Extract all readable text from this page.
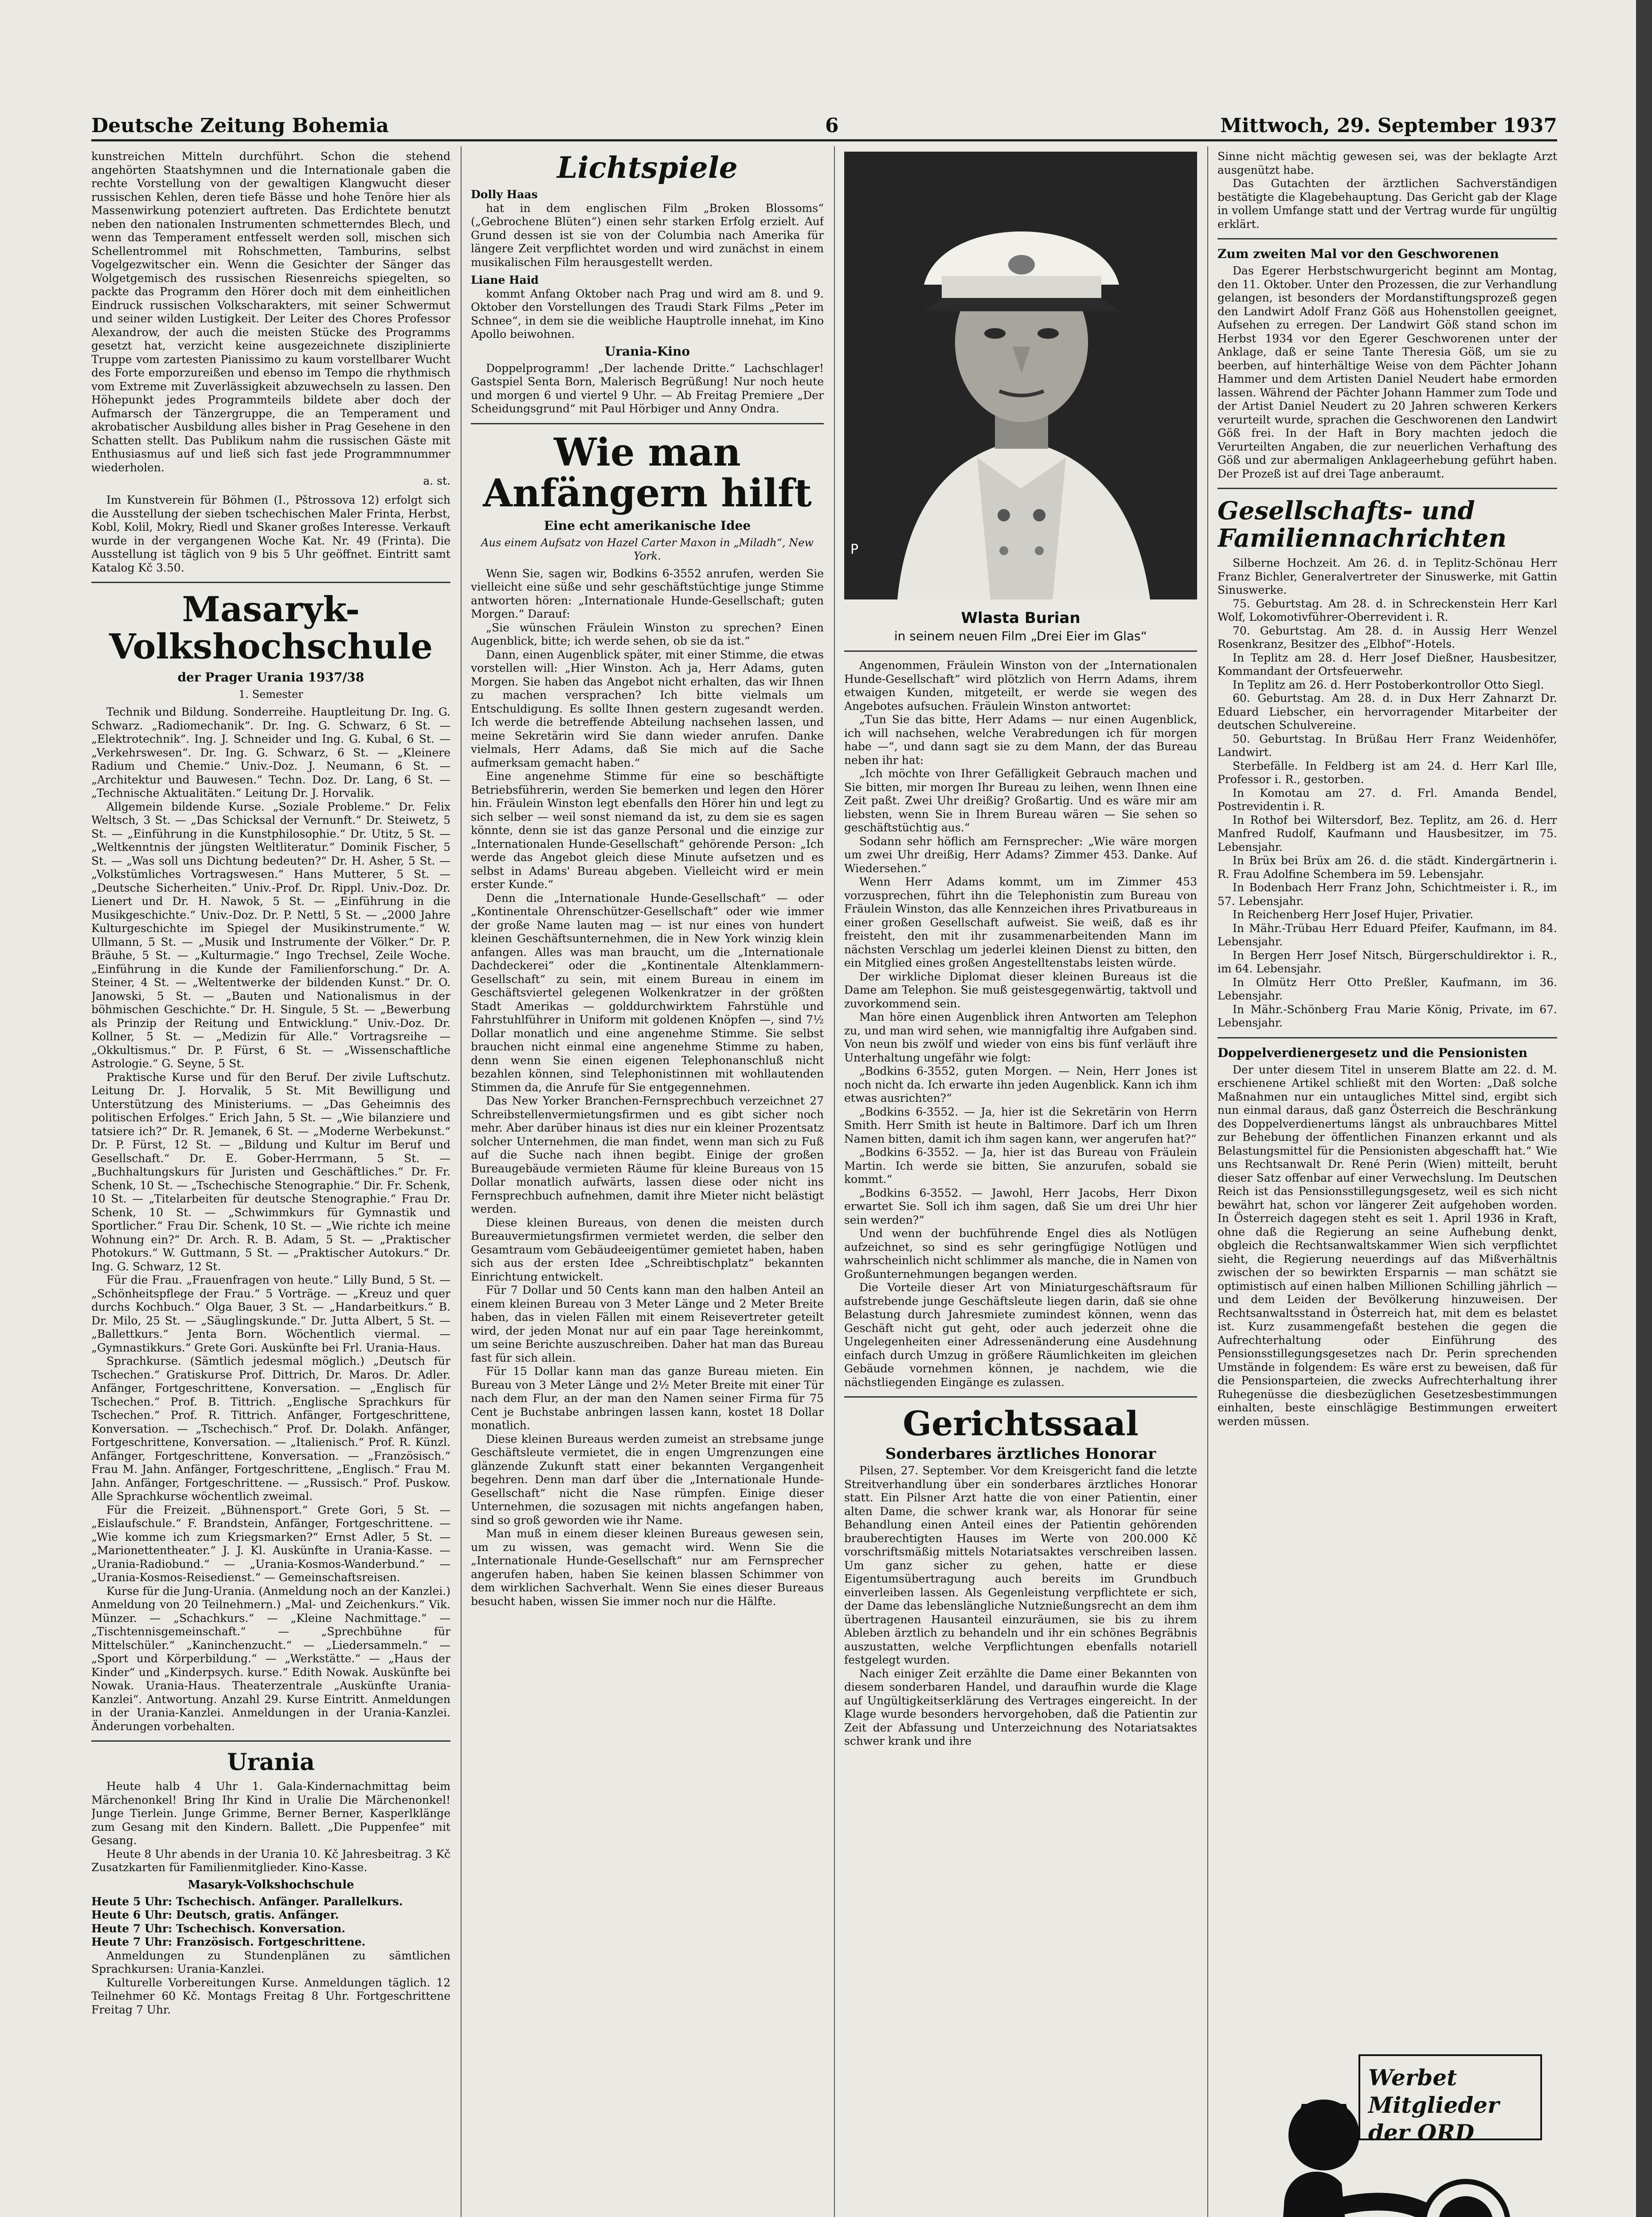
Deutsche Zeitung Bohemia	6	Mittwoch, 29. September 1937

kunstreichen Mitteln durchführt. Schon die stehend angehörten Staatshymnen und die Internationale gaben die rechte Vorstellung von der gewaltigen Klangwucht dieser russischen Kehlen, deren tiefe Bässe und hohe Tenöre hier als Massenwirkung potenziert auftreten. Das Erdichtete benutzt neben den nationalen Instrumenten schmetterndes Blech, und wenn das Temperament entfesselt werden soll, mischen sich Schellentrommel mit Rohschmetten, Tamburins, selbst Vogelgezwitscher ein. Wenn die Gesichter der Sänger das Wolgetgemisch des russischen Riesenreichs spiegelten, so packte das Programm den Hörer doch mit dem einheitlichen Eindruck russischen Volkscharakters, mit seiner Schwermut und seiner wilden Lustigkeit. Der Leiter des Chores Professor Alexandrow, der auch die meisten Stücke des Programms gesetzt hat, verzicht keine ausgezeichnete disziplinierte Truppe vom zartesten Pianissimo zu kaum vorstellbarer Wucht des Forte emporzureißen und ebenso im Tempo die rhythmisch vom Extreme mit Zuverlässigkeit abzuwechseln zu lassen. Den Höhepunkt jedes Programmteils bildete aber doch der Aufmarsch der Tänzergruppe, die an Temperament und akrobatischer Ausbildung alles bisher in Prag Gesehene in den Schatten stellt. Das Publikum nahm die russischen Gäste mit Enthusiasmus auf und ließ sich fast jede Programmnummer wiederholen.

a. st.

Im Kunstverein für Böhmen (I., Pštrossova 12) erfolgt sich die Ausstellung der sieben tschechischen Maler Frinta, Herbst, Kobl, Kolil, Mokry, Riedl und Skaner großes Interesse. Verkauft wurde in der vergangenen Woche Kat. Nr. 49 (Frinta). Die Ausstellung ist täglich von 9 bis 5 Uhr geöffnet. Eintritt samt Katalog Kč 3.50.

Masaryk-Volkshochschule
der Prager Urania 1937/38
1. Semester

Technik und Bildung. Sonderreihe. Hauptleitung Dr. Ing. G. Schwarz. „Radiomechanik“. Dr. Ing. G. Schwarz, 6 St. — „Elektrotechnik“. Ing. J. Schneider und Ing. G. Kubal, 6 St. — „Verkehrswesen“. Dr. Ing. G. Schwarz, 6 St. — „Kleinere Radium und Chemie.“ Univ.-Doz. J. Neumann, 6 St. — „Architektur und Bauwesen.“ Techn. Doz. Dr. Lang, 6 St. — „Technische Aktualitäten.“ Leitung Dr. J. Horvalik.

Allgemein bildende Kurse. „Soziale Probleme.“ Dr. Felix Weltsch, 3 St. — „Das Schicksal der Vernunft.“ Dr. Steiwetz, 5 St. — „Einführung in die Kunstphilosophie.“ Dr. Utitz, 5 St. — „Weltkenntnis der jüngsten Weltliteratur.“ Dominik Fischer, 5 St. — „Was soll uns Dichtung bedeuten?“ Dr. H. Asher, 5 St. — „Volkstümliches Vortragswesen.“ Hans Mutterer, 5 St. — „Deutsche Sicherheiten.“ Univ.-Prof. Dr. Rippl. Univ.-Doz. Dr. Lienert und Dr. H. Nawok, 5 St. — „Einführung in die Musikgeschichte.“ Univ.-Doz. Dr. P. Nettl, 5 St. — „2000 Jahre Kulturgeschichte im Spiegel der Musikinstrumente.“ W. Ullmann, 5 St. — „Musik und Instrumente der Völker.“ Dr. P. Bräuhe, 5 St. — „Kulturmagie.“ Ingo Trechsel, Zeile Woche. „Einführung in die Kunde der Familienforschung.“ Dr. A. Steiner, 4 St. — „Weltentwerke der bildenden Kunst.“ Dr. O. Janowski, 5 St. — „Bauten und Nationalismus in der böhmischen Geschichte.“ Dr. H. Singule, 5 St. — „Bewerbung als Prinzip der Reitung und Entwicklung.“ Univ.-Doz. Dr. Kollner, 5 St. — „Medizin für Alle.“ Vortragsreihe — „Okkultismus.“ Dr. P. Fürst, 6 St. — „Wissenschaftliche Astrologie.“ G. Seyne, 5 St.

Praktische Kurse und für den Beruf. Der zivile Luftschutz. Leitung Dr. J. Horvalik, 5 St. Mit Bewilligung und Unterstützung des Ministeriums. — „Das Geheimnis des politischen Erfolges.“ Erich Jahn, 5 St. — „Wie bilanziere und tatsiere ich?“ Dr. R. Jemanek, 6 St. — „Moderne Werbekunst.“ Dr. P. Fürst, 12 St. — „Bildung und Kultur im Beruf und Gesellschaft.“ Dr. E. Gober-Herrmann, 5 St. — „Buchhaltungskurs für Juristen und Geschäftliches.“ Dr. Fr. Schenk, 10 St. — „Tschechische Stenographie.“ Dir. Fr. Schenk, 10 St. — „Titelarbeiten für deutsche Stenographie.“ Frau Dr. Schenk, 10 St. — „Schwimmkurs für Gymnastik und Sportlicher.“ Frau Dir. Schenk, 10 St. — „Wie richte ich meine Wohnung ein?“ Dr. Arch. R. B. Adam, 5 St. — „Praktischer Photokurs.“ W. Guttmann, 5 St. — „Praktischer Autokurs.“ Dr. Ing. G. Schwarz, 12 St.

Für die Frau. „Frauenfragen von heute.“ Lilly Bund, 5 St. — „Schönheitspflege der Frau.“ 5 Vorträge. — „Kreuz und quer durchs Kochbuch.“ Olga Bauer, 3 St. — „Handarbeitkurs.“ B. Dr. Milo, 25 St. — „Säuglingskunde.“ Dr. Jutta Albert, 5 St. — „Ballettkurs.“ Jenta Born. Wöchentlich viermal. — „Gymnastikkurs.“ Grete Gori. Auskünfte bei Frl. Urania-Haus.

Sprachkurse. (Sämtlich jedesmal möglich.) „Deutsch für Tschechen.“ Gratiskurse Prof. Dittrich, Dr. Maros. Dr. Adler. Anfänger, Fortgeschrittene, Konversation. — „Englisch für Tschechen.“ Prof. B. Tittrich. „Englische Sprachkurs für Tschechen.“ Prof. R. Tittrich. Anfänger, Fortgeschrittene, Konversation. — „Tschechisch.“ Prof. Dr. Dolakh. Anfänger, Fortgeschrittene, Konversation. — „Italienisch.“ Prof. R. Künzl. Anfänger, Fortgeschrittene, Konversation. — „Französisch.“ Frau M. Jahn. Anfänger, Fortgeschrittene, „Englisch.“ Frau M. Jahn. Anfänger, Fortgeschrittene. — „Russisch.“ Prof. Puskow. Alle Sprachkurse wöchentlich zweimal.

Für die Freizeit. „Bühnensport.“ Grete Gori, 5 St. — „Eislaufschule.“ F. Brandstein, Anfänger, Fortgeschrittene. — „Wie komme ich zum Kriegsmarken?“ Ernst Adler, 5 St. — „Marionettentheater.“ J. J. Kl. Auskünfte in Urania-Kasse. — „Urania-Radiobund.“ — „Urania-Kosmos-Wanderbund.“ — „Urania-Kosmos-Reisedienst.“ — Gemeinschaftsreisen.

Kurse für die Jung-Urania. (Anmeldung noch an der Kanzlei.) Anmeldung von 20 Teilnehmern.) „Mal- und Zeichenkurs.“ Vik. Münzer. — „Schachkurs.“ — „Kleine Nachmittage.“ — „Tischtennisgemeinschaft.“ — „Sprechbühne für Mittelschüler.“ „Kaninchenzucht.“ — „Liedersammeln.“ — „Sport und Körperbildung.“ — „Werkstätte.“ — „Haus der Kinder“ und „Kinderpsych. kurse.“ Edith Nowak. Auskünfte bei Nowak. Urania-Haus. Theaterzentrale „Auskünfte Urania-Kanzlei“. Antwortung. Anzahl 29. Kurse Eintritt. Anmeldungen in der Urania-Kanzlei. Anmeldungen in der Urania-Kanzlei. Änderungen vorbehalten.

Urania

Heute halb 4 Uhr 1. Gala-Kindernachmittag beim Märchenonkel! Bring Ihr Kind in Uralie Die Märchenonkel! Junge Tierlein. Junge Grimme, Berner Berner, Kasperlklänge zum Gesang mit den Kindern. Ballett. „Die Puppenfee“ mit Gesang.

Heute 8 Uhr abends in der Urania 10. Kč Jahresbeitrag. 3 Kč Zusatzkarten für Familienmitglieder. Kino-Kasse.

Masaryk-Volkshochschule

Heute 5 Uhr: Tschechisch. Anfänger. Parallelkurs.

Heute 6 Uhr: Deutsch, gratis. Anfänger.

Heute 7 Uhr: Tschechisch. Konversation.

Heute 7 Uhr: Französisch. Fortgeschrittene.

Anmeldungen zu Stundenplänen zu sämtlichen Sprachkursen: Urania-Kanzlei.

Kulturelle Vorbereitungen Kurse. Anmeldungen täglich. 12 Teilnehmer 60 Kč. Montags Freitag 8 Uhr. Fortgeschrittene Freitag 7 Uhr.

Lichtspiele

Dolly Haas

hat in dem englischen Film „Broken Blossoms“ („Gebrochene Blüten“) einen sehr starken Erfolg erzielt. Auf Grund dessen ist sie von der Columbia nach Amerika für längere Zeit verpflichtet worden und wird zunächst in einem musikalischen Film herausgestellt werden.

Liane Haid

kommt Anfang Oktober nach Prag und wird am 8. und 9. Oktober den Vorstellungen des Traudi Stark Films „Peter im Schnee“, in dem sie die weibliche Hauptrolle innehat, im Kino Apollo beiwohnen.

Urania-Kino

Doppelprogramm! „Der lachende Dritte.“ Lachschlager! Gastspiel Senta Born, Malerisch Begrüßung! Nur noch heute und morgen 6 und viertel 9 Uhr. — Ab Freitag Premiere „Der Scheidungsgrund“ mit Paul Hörbiger und Anny Ondra.

Wie man Anfängern hilft
Eine echt amerikanische Idee
Aus einem Aufsatz von Hazel Carter Maxon in „Miladh“, New York.

Wenn Sie, sagen wir, Bodkins 6-3552 anrufen, werden Sie vielleicht eine süße und sehr geschäftstüchtige junge Stimme antworten hören: „Internationale Hunde-Gesellschaft; guten Morgen.“ Darauf:

„Sie wünschen Fräulein Winston zu sprechen? Einen Augenblick, bitte; ich werde sehen, ob sie da ist.“

Dann, einen Augenblick später, mit einer Stimme, die etwas vorstellen will: „Hier Winston. Ach ja, Herr Adams, guten Morgen. Sie haben das Angebot nicht erhalten, das wir Ihnen zu machen versprachen? Ich bitte vielmals um Entschuldigung. Es sollte Ihnen gestern zugesandt werden. Ich werde die betreffende Abteilung nachsehen lassen, und meine Sekretärin wird Sie dann wieder anrufen. Danke vielmals, Herr Adams, daß Sie mich auf die Sache aufmerksam gemacht haben.“

Eine angenehme Stimme für eine so beschäftigte Betriebsführerin, werden Sie bemerken und legen den Hörer hin. Fräulein Winston legt ebenfalls den Hörer hin und legt zu sich selber — weil sonst niemand da ist, zu dem sie es sagen könnte, denn sie ist das ganze Personal und die einzige zur „Internationalen Hunde-Gesellschaft“ gehörende Person: „Ich werde das Angebot gleich diese Minute aufsetzen und es selbst in Adams' Bureau abgeben. Vielleicht wird er mein erster Kunde.“

Denn die „Internationale Hunde-Gesellschaft“ — oder „Kontinentale Ohrenschützer-Gesellschaft“ oder wie immer der große Name lauten mag — ist nur eines von hundert kleinen Geschäftsunternehmen, die in New York winzig klein anfangen. Alles was man braucht, um die „Internationale Dachdeckerei“ oder die „Kontinentale Altenklammern-Gesellschaft“ zu sein, mit einem Bureau in einem im Geschäftsviertel gelegenen Wolkenkratzer in der größten Stadt Amerikas — golddurchwirktem Fahrstühle und Fahrstuhlführer in Uniform mit goldenen Knöpfen —, sind 7½ Dollar monatlich und eine angenehme Stimme. Sie selbst brauchen nicht einmal eine angenehme Stimme zu haben, denn wenn Sie einen eigenen Telephonanschluß nicht bezahlen können, sind Telephonistinnen mit wohllautenden Stimmen da, die Anrufe für Sie entgegennehmen.

Das New Yorker Branchen-Fernsprechbuch verzeichnet 27 Schreibstellenvermietungsfirmen und es gibt sicher noch mehr. Aber darüber hinaus ist dies nur ein kleiner Prozentsatz solcher Unternehmen, die man findet, wenn man sich zu Fuß auf die Suche nach ihnen begibt. Einige der großen Bureaugebäude vermieten Räume für kleine Bureaus von 15 Dollar monatlich aufwärts, lassen diese oder nicht ins Fernsprechbuch aufnehmen, damit ihre Mieter nicht belästigt werden.

Diese kleinen Bureaus, von denen die meisten durch Bureauvermietungsfirmen vermietet werden, die selber den Gesamtraum vom Gebäudeeigentümer gemietet haben, haben sich aus der ersten Idee „Schreibtischplatz“ bekannten Einrichtung entwickelt.

Für 7 Dollar und 50 Cents kann man den halben Anteil an einem kleinen Bureau von 3 Meter Länge und 2 Meter Breite haben, das in vielen Fällen mit einem Reisevertreter geteilt wird, der jeden Monat nur auf ein paar Tage hereinkommt, um seine Berichte auszuschreiben. Daher hat man das Bureau fast für sich allein.

Für 15 Dollar kann man das ganze Bureau mieten. Ein Bureau von 3 Meter Länge und 2½ Meter Breite mit einer Tür nach dem Flur, an der man den Namen seiner Firma für 75 Cent je Buchstabe anbringen lassen kann, kostet 18 Dollar monatlich.

Diese kleinen Bureaus werden zumeist an strebsame junge Geschäftsleute vermietet, die in engen Umgrenzungen eine glänzende Zukunft statt einer bekannten Vergangenheit begehren. Denn man darf über die „Internationale Hunde-Gesellschaft“ nicht die Nase rümpfen. Einige dieser Unternehmen, die sozusagen mit nichts angefangen haben, sind so groß geworden wie ihr Name.

Man muß in einem dieser kleinen Bureaus gewesen sein, um zu wissen, was gemacht wird. Wenn Sie die „Internationale Hunde-Gesellschaft“ nur am Fernsprecher angerufen haben, haben Sie keinen blassen Schimmer von dem wirklichen Sachverhalt. Wenn Sie eines dieser Bureaus besucht haben, wissen Sie immer noch nur die Hälfte.

P
Wlasta Burian
in seinem neuen Film „Drei Eier im Glas“

Angenommen, Fräulein Winston von der „Internationalen Hunde-Gesellschaft“ wird plötzlich von Herrn Adams, ihrem etwaigen Kunden, mitgeteilt, er werde sie wegen des Angebotes aufsuchen. Fräulein Winston antwortet:

„Tun Sie das bitte, Herr Adams — nur einen Augenblick, ich will nachsehen, welche Verabredungen ich für morgen habe —“, und dann sagt sie zu dem Mann, der das Bureau neben ihr hat:

„Ich möchte von Ihrer Gefälligkeit Gebrauch machen und Sie bitten, mir morgen Ihr Bureau zu leihen, wenn Ihnen eine Zeit paßt. Zwei Uhr dreißig? Großartig. Und es wäre mir am liebsten, wenn Sie in Ihrem Bureau wären — Sie sehen so geschäftstüchtig aus.“

Sodann sehr höflich am Fernsprecher: „Wie wäre morgen um zwei Uhr dreißig, Herr Adams? Zimmer 453. Danke. Auf Wiedersehen.“

Wenn Herr Adams kommt, um im Zimmer 453 vorzusprechen, führt ihn die Telephonistin zum Bureau von Fräulein Winston, das alle Kennzeichen ihres Privatbureaus in einer großen Gesellschaft aufweist. Sie weiß, daß es ihr freisteht, den mit ihr zusammenarbeitenden Mann im nächsten Verschlag um jederlei kleinen Dienst zu bitten, den ein Mitglied eines großen Angestelltenstabs leisten würde.

Der wirkliche Diplomat dieser kleinen Bureaus ist die Dame am Telephon. Sie muß geistesgegenwärtig, taktvoll und zuvorkommend sein.

Man höre einen Augenblick ihren Antworten am Telephon zu, und man wird sehen, wie mannigfaltig ihre Aufgaben sind. Von neun bis zwölf und wieder von eins bis fünf verläuft ihre Unterhaltung ungefähr wie folgt:

„Bodkins 6-3552, guten Morgen. — Nein, Herr Jones ist noch nicht da. Ich erwarte ihn jeden Augenblick. Kann ich ihm etwas ausrichten?“

„Bodkins 6-3552. — Ja, hier ist die Sekretärin von Herrn Smith. Herr Smith ist heute in Baltimore. Darf ich um Ihren Namen bitten, damit ich ihm sagen kann, wer angerufen hat?“

„Bodkins 6-3552. — Ja, hier ist das Bureau von Fräulein Martin. Ich werde sie bitten, Sie anzurufen, sobald sie kommt.“

„Bodkins 6-3552. — Jawohl, Herr Jacobs, Herr Dixon erwartet Sie. Soll ich ihm sagen, daß Sie um drei Uhr hier sein werden?“

Und wenn der buchführende Engel dies als Notlügen aufzeichnet, so sind es sehr geringfügige Notlügen und wahrscheinlich nicht schlimmer als manche, die in Namen von Großunternehmungen begangen werden.

Die Vorteile dieser Art von Miniaturgeschäftsraum für aufstrebende junge Geschäftsleute liegen darin, daß sie ohne Belastung durch Jahresmiete zumindest können, wenn das Geschäft nicht gut geht, oder auch jederzeit ohne die Ungelegenheiten einer Adressenänderung eine Ausdehnung einfach durch Umzug in größere Räumlichkeiten im gleichen Gebäude vornehmen können, je nachdem, wie die nächstliegenden Eingänge es zulassen.

Gerichtssaal
Sonderbares ärztliches Honorar

Pilsen, 27. September. Vor dem Kreisgericht fand die letzte Streitverhandlung über ein sonderbares ärztliches Honorar statt. Ein Pilsner Arzt hatte die von einer Patientin, einer alten Dame, die schwer krank war, als Honorar für seine Behandlung einen Anteil eines der Patientin gehörenden brauberechtigten Hauses im Werte von 200.000 Kč vorschriftsmäßig mittels Notariatsaktes verschreiben lassen. Um ganz sicher zu gehen, hatte er diese Eigentumsübertragung auch bereits im Grundbuch einverleiben lassen. Als Gegenleistung verpflichtete er sich, der Dame das lebenslängliche Nutznießungsrecht an dem ihm übertragenen Hausanteil einzuräumen, sie bis zu ihrem Ableben ärztlich zu behandeln und ihr ein schönes Begräbnis auszustatten, welche Verpflichtungen ebenfalls notariell festgelegt wurden.

Nach einiger Zeit erzählte die Dame einer Bekannten von diesem sonderbaren Handel, und daraufhin wurde die Klage auf Ungültigkeitserklärung des Vertrages eingereicht. In der Klage wurde besonders hervorgehoben, daß die Patientin zur Zeit der Abfassung und Unterzeichnung des Notariatsaktes schwer krank und ihre

Sinne nicht mächtig gewesen sei, was der beklagte Arzt ausgenützt habe.

Das Gutachten der ärztlichen Sachverständigen bestätigte die Klagebehauptung. Das Gericht gab der Klage in vollem Umfange statt und der Vertrag wurde für ungültig erklärt.

Zum zweiten Mal vor den Geschworenen

Das Egerer Herbstschwurgericht beginnt am Montag, den 11. Oktober. Unter den Prozessen, die zur Verhandlung gelangen, ist besonders der Mordanstiftungsprozeß gegen den Landwirt Adolf Franz Göß aus Hohenstollen geeignet, Aufsehen zu erregen. Der Landwirt Göß stand schon im Herbst 1934 vor den Egerer Geschworenen unter der Anklage, daß er seine Tante Theresia Göß, um sie zu beerben, auf hinterhältige Weise von dem Pächter Johann Hammer und dem Artisten Daniel Neudert habe ermorden lassen. Während der Pächter Johann Hammer zum Tode und der Artist Daniel Neudert zu 20 Jahren schweren Kerkers verurteilt wurde, sprachen die Geschworenen den Landwirt Göß frei. In der Haft in Bory machten jedoch die Verurteilten Angaben, die zur neuerlichen Verhaftung des Göß und zur abermaligen Anklageerhebung geführt haben. Der Prozeß ist auf drei Tage anberaumt.

Gesellschafts- und Familiennachrichten

Silberne Hochzeit. Am 26. d. in Teplitz-Schönau Herr Franz Bichler, Generalvertreter der Sinuswerke, mit Gattin Sinuswerke.

75. Geburtstag. Am 28. d. in Schreckenstein Herr Karl Wolf, Lokomotivführer-Oberrevident i. R.

70. Geburtstag. Am 28. d. in Aussig Herr Wenzel Rosenkranz, Besitzer des „Elbhof“-Hotels.

In Teplitz am 28. d. Herr Josef Dießner, Hausbesitzer, Kommandant der Ortsfeuerwehr.

In Teplitz am 26. d. Herr Postoberkontrollor Otto Siegl.

60. Geburtstag. Am 28. d. in Dux Herr Zahnarzt Dr. Eduard Liebscher, ein hervorragender Mitarbeiter der deutschen Schulvereine.

50. Geburtstag. In Brüßau Herr Franz Weidenhöfer, Landwirt.

Sterbefälle. In Feldberg ist am 24. d. Herr Karl Ille, Professor i. R., gestorben.

In Komotau am 27. d. Frl. Amanda Bendel, Postrevidentin i. R.

In Rothof bei Wiltersdorf, Bez. Teplitz, am 26. d. Herr Manfred Rudolf, Kaufmann und Hausbesitzer, im 75. Lebensjahr.

In Brüx bei Brüx am 26. d. die städt. Kindergärtnerin i. R. Frau Adolfine Schembera im 59. Lebensjahr.

In Bodenbach Herr Franz John, Schichtmeister i. R., im 57. Lebensjahr.

In Reichenberg Herr Josef Hujer, Privatier.

In Mähr.-Trübau Herr Eduard Pfeifer, Kaufmann, im 84. Lebensjahr.

In Bergen Herr Josef Nitsch, Bürgerschuldirektor i. R., im 64. Lebensjahr.

In Olmütz Herr Otto Preßler, Kaufmann, im 36. Lebensjahr.

In Mähr.-Schönberg Frau Marie König, Private, im 67. Lebensjahr.

Doppelverdienergesetz und die Pensionisten

Der unter diesem Titel in unserem Blatte am 22. d. M. erschienene Artikel schließt mit den Worten: „Daß solche Maßnahmen nur ein untaugliches Mittel sind, ergibt sich nun einmal daraus, daß ganz Österreich die Beschränkung des Doppelverdienertums längst als unbrauchbares Mittel zur Behebung der öffentlichen Finanzen erkannt und als Belastungsmittel für die Pensionisten abgeschafft hat.“ Wie uns Rechtsanwalt Dr. René Perin (Wien) mitteilt, beruht dieser Satz offenbar auf einer Verwechslung. Im Deutschen Reich ist das Pensionsstillegungsgesetz, weil es sich nicht bewährt hat, schon vor längerer Zeit aufgehoben worden. In Österreich dagegen steht es seit 1. April 1936 in Kraft, ohne daß die Regierung an seine Aufhebung denkt, obgleich die Rechtsanwaltskammer Wien sich verpflichtet sieht, die Regierung neuerdings auf das Mißverhältnis zwischen der so bewirkten Ersparnis — man schätzt sie optimistisch auf einen halben Millionen Schilling jährlich — und dem Leiden der Bevölkerung hinzuweisen. Der Rechtsanwaltsstand in Österreich hat, mit dem es belastet ist. Kurz zusammengefaßt bestehen die gegen die Aufrechterhaltung oder Einführung des Pensionsstillegungsgesetzes nach Dr. Perin sprechenden Umstände in folgendem: Es wäre erst zu beweisen, daß für die Pensionsparteien, die zwecks Aufrechterhaltung ihrer Ruhegenüsse die diesbezüglichen Gesetzesbestimmungen einhalten, beste einschlägige Bestimmungen erweitert werden müssen.

Werbet Mitglieder der ORD
